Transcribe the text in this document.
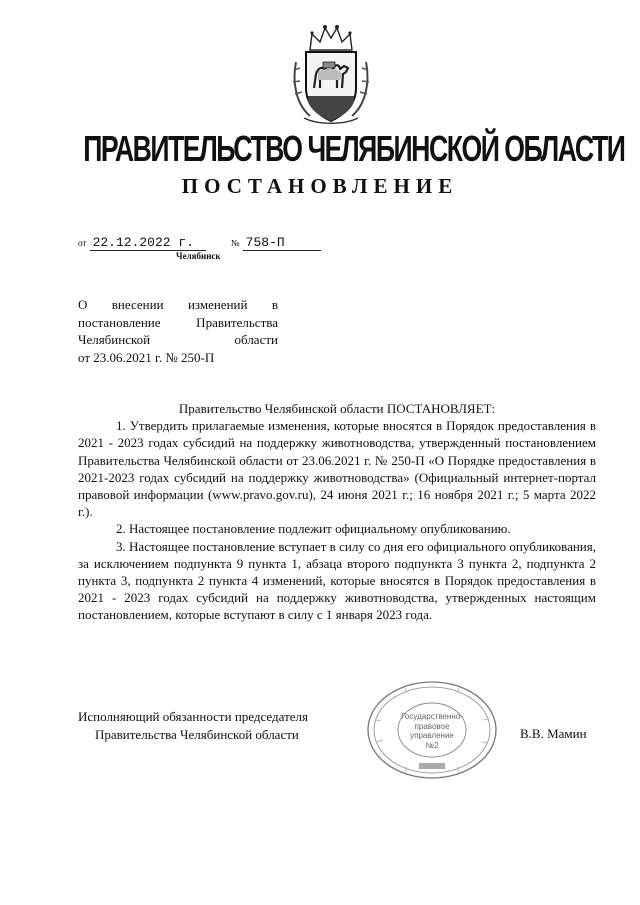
ПРАВИТЕЛЬСТВО ЧЕЛЯБИНСКОЙ ОБЛАСТИ
ПОСТАНОВЛЕНИЕ
от 22.12.2022 г.	№ 758-П
Челябинск
О внесении изменений в
постановление Правительства
Челябинской области
от 23.06.2021 г. № 250-П

Правительство Челябинской области ПОСТАНОВЛЯЕТ:

1. Утвердить прилагаемые изменения, которые вносятся в Порядок предоставления в 2021 - 2023 годах субсидий на поддержку животноводства, утвержденный постановлением Правительства Челябинской области от 23.06.2021 г. № 250-П «О Порядке предоставления в 2021-2023 годах субсидий на поддержку животноводства» (Официальный интернет-портал правовой информации (www.pravo.gov.ru), 24 июня 2021 г.; 16 ноября 2021 г.; 5 марта 2022 г.).

2. Настоящее постановление подлежит официальному опубликованию.

3. Настоящее постановление вступает в силу со дня его официального опубликования, за исключением подпункта 9 пункта 1, абзаца второго подпункта 3 пункта 2, подпункта 2 пункта 3, подпункта 2 пункта 4 изменений, которые вносятся в Порядок предоставления в 2021 - 2023 годах субсидий на поддержку животноводства, утвержденных настоящим постановлением, которые вступают в силу с 1 января 2023 года.

Исполняющий обязанности председателя
Правительства Челябинской области
Государственно-
правовое
управление
№2
В.В. Мамин
